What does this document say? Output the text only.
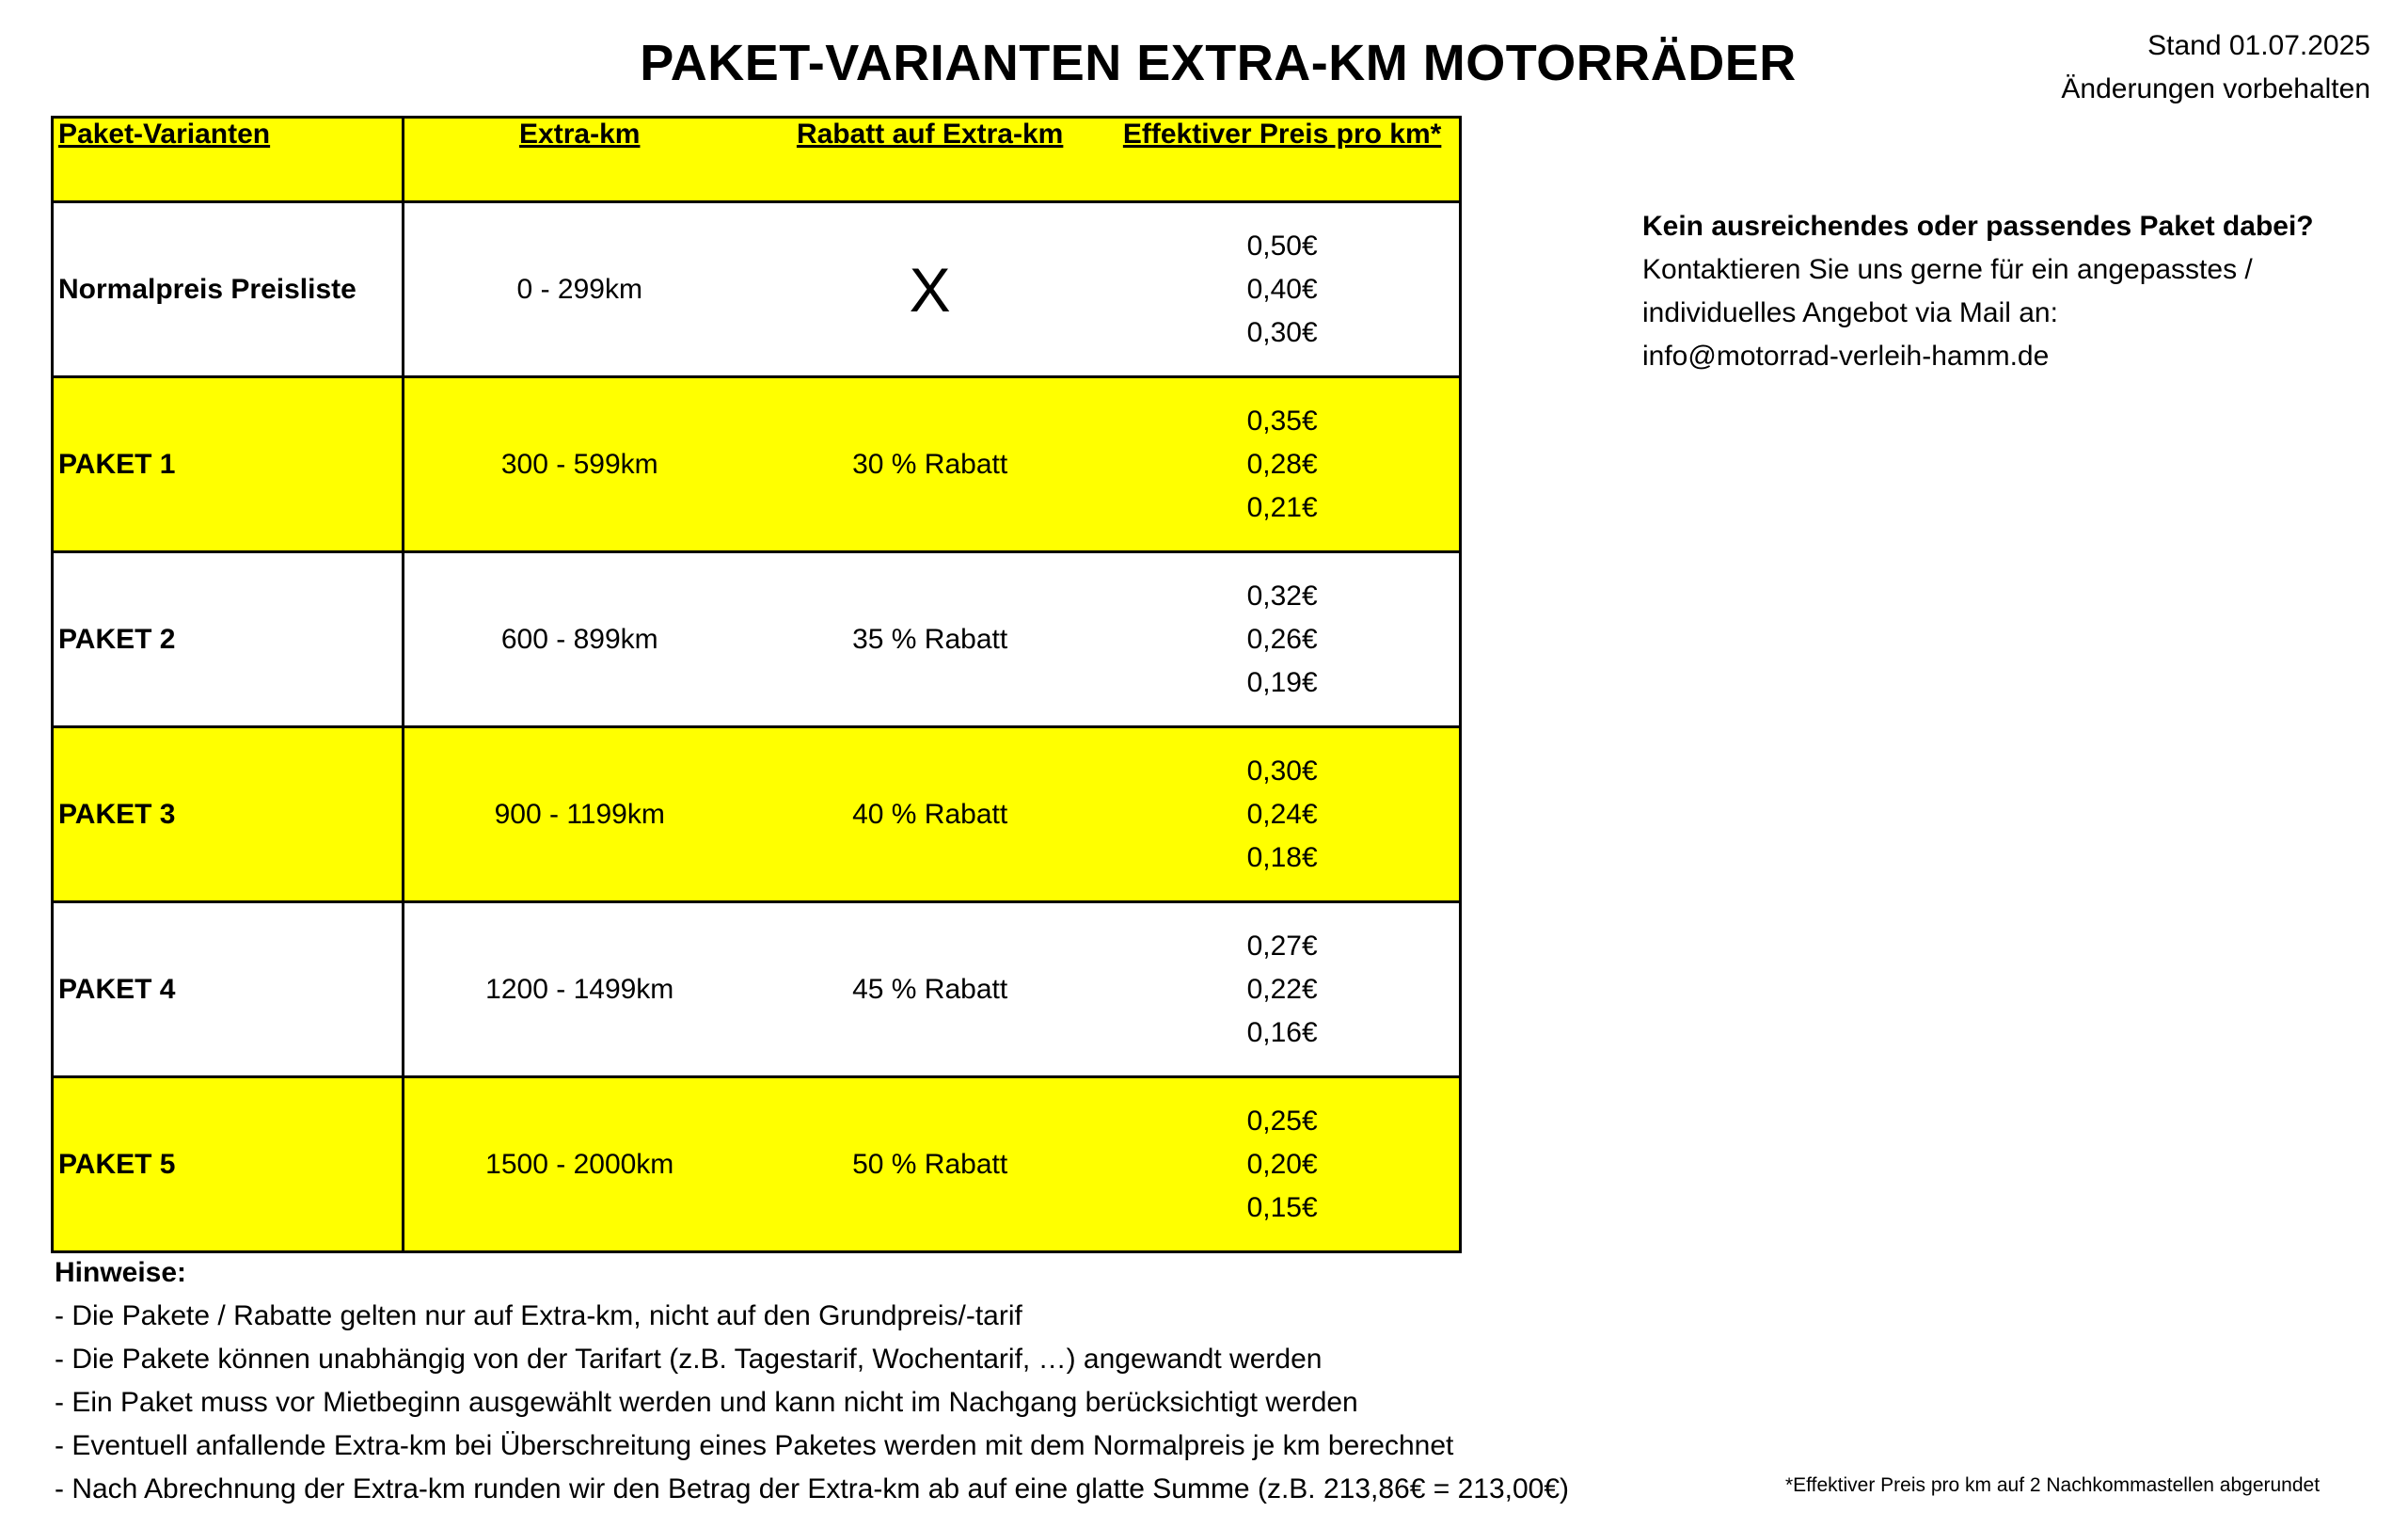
PAKET-VARIANTEN EXTRA-KM MOTORRÄDER	Stand 01.07.2025
Änderungen vorbehalten
Paket-Varianten	Extra-km	Rabatt auf Extra-km	Effektiver Preis pro km*
Normalpreis Preisliste	0 - 299km	X	0,50€
0,40€
0,30€

PAKET 1	300 - 599km	30 % Rabatt	0,35€
0,28€
0,21€

PAKET 2	600 - 899km	35 % Rabatt	0,32€
0,26€
0,19€

PAKET 3	900 - 1199km	40 % Rabatt	0,30€
0,24€
0,18€

PAKET 4	1200 - 1499km	45 % Rabatt	0,27€
0,22€
0,16€

PAKET 5	1500 - 2000km	50 % Rabatt	0,25€
0,20€
0,15€
Kein ausreichendes oder passendes Paket dabei?
Kontaktieren Sie uns gerne für ein angepasstes /
individuelles Angebot via Mail an:
info@motorrad-verleih-hamm.de
Hinweise:
- Die Pakete / Rabatte gelten nur auf Extra-km, nicht auf den Grundpreis/-tarif
- Die Pakete können unabhängig von der Tarifart (z.B. Tagestarif, Wochentarif, …) angewandt werden
- Ein Paket muss vor Mietbeginn ausgewählt werden und kann nicht im Nachgang berücksichtigt werden
- Eventuell anfallende Extra-km bei Überschreitung eines Paketes werden mit dem Normalpreis je km berechnet
- Nach Abrechnung der Extra-km runden wir den Betrag der Extra-km ab auf eine glatte Summe (z.B. 213,86€ = 213,00€)	*Effektiver Preis pro km auf 2 Nachkommastellen abgerundet
